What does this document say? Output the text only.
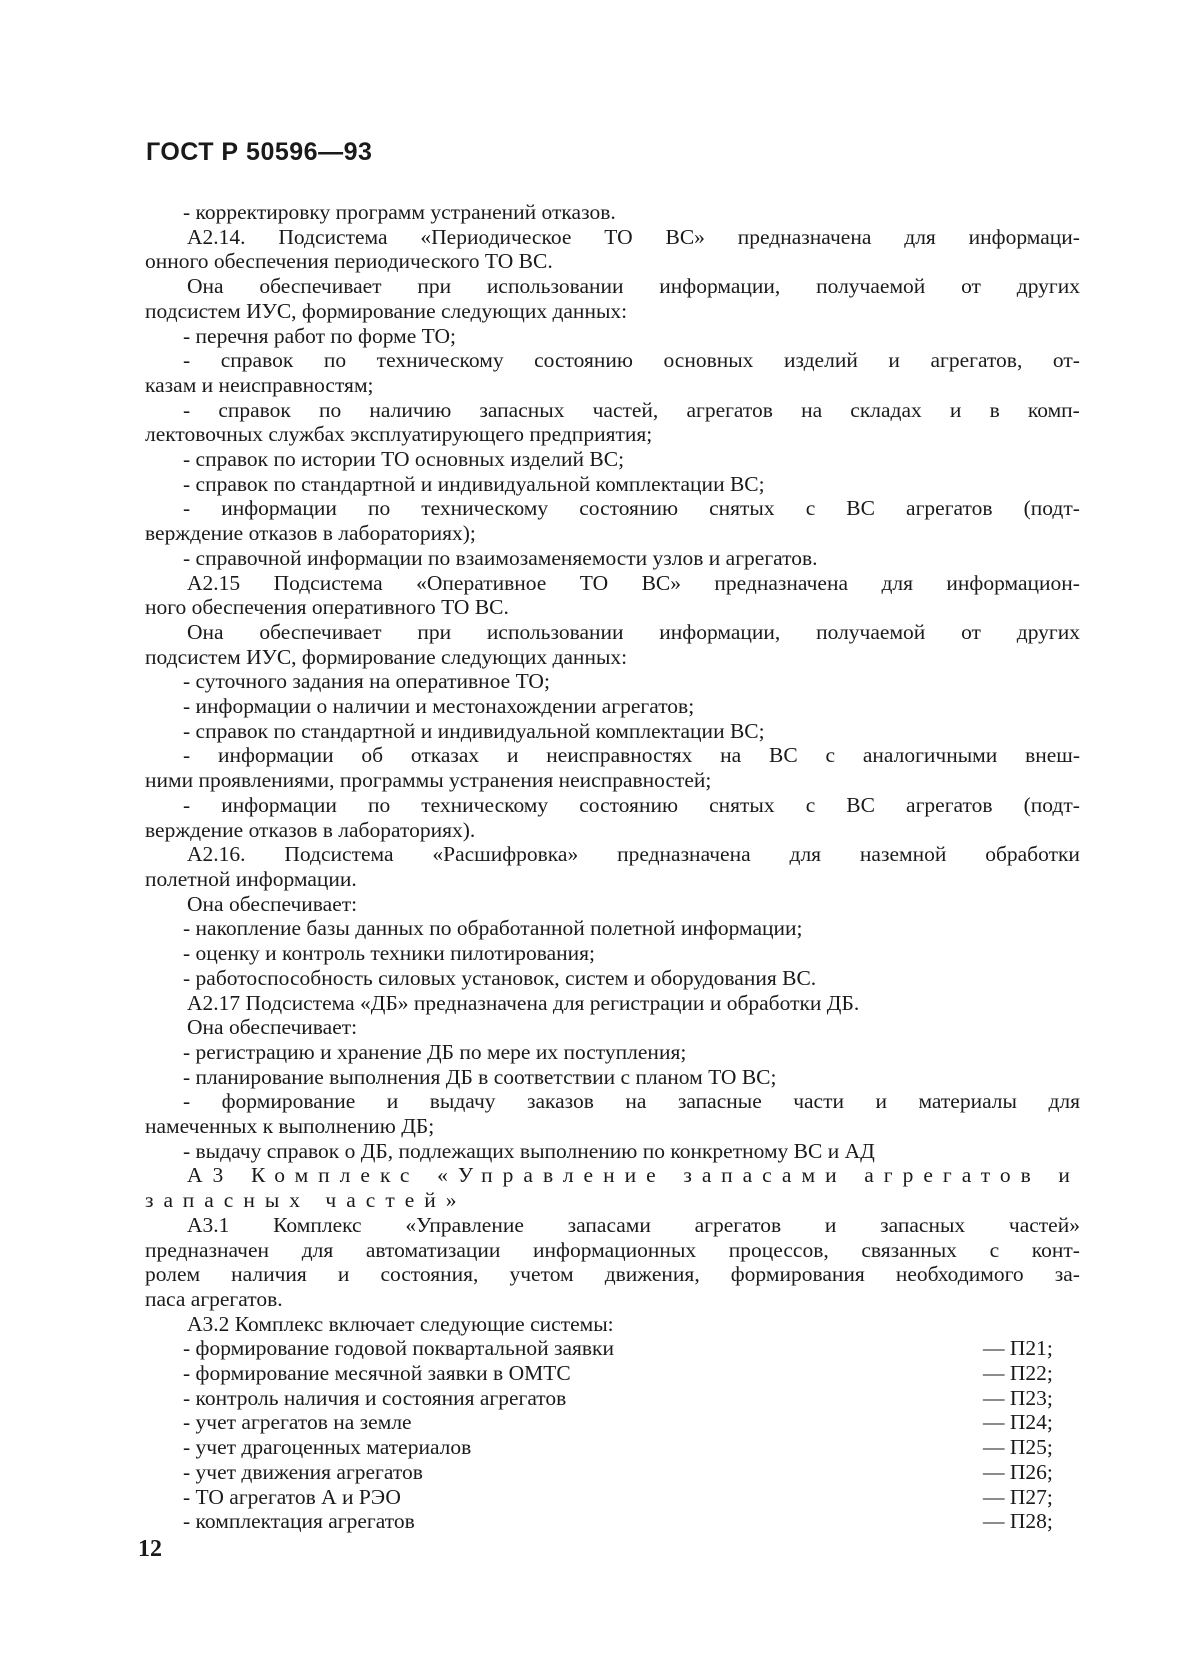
ГОСТ Р 50596—93
- корректировку программ устранений отказов.
А2.14. Подсистема «Периодическое ТО ВС» предназначена для информаци-
онного обеспечения периодического ТО ВС.
Она обеспечивает при использовании информации, получаемой от других
подсистем ИУС, формирование следующих данных:
- перечня работ по форме ТО;
- справок по техническому состоянию основных изделий и агрегатов, от-
казам и неисправностям;
- справок по наличию запасных частей, агрегатов на складах и в комп-
лектовочных службах эксплуатирующего предприятия;
- справок по истории ТО основных изделий ВС;
- справок по стандартной и индивидуальной комплектации ВС;
- информации по техническому состоянию снятых с ВС агрегатов (подт-
верждение отказов в лабораториях);
- справочной информации по взаимозаменяемости узлов и агрегатов.
А2.15 Подсистема «Оперативное ТО ВС» предназначена для информацион-
ного обеспечения оперативного ТО ВС.
Она обеспечивает при использовании информации, получаемой от других
подсистем ИУС, формирование следующих данных:
- суточного задания на оперативное ТО;
- информации о наличии и местонахождении агрегатов;
- справок по стандартной и индивидуальной комплектации ВС;
- информации об отказах и неисправностях на ВС с аналогичными внеш-
ними проявлениями, программы устранения неисправностей;
- информации по техническому состоянию снятых с ВС агрегатов (подт-
верждение отказов в лабораториях).
А2.16. Подсистема «Расшифровка» предназначена для наземной обработки
полетной информации.
Она обеспечивает:
- накопление базы данных по обработанной полетной информации;
- оценку и контроль техники пилотирования;
- работоспособность силовых установок, систем и оборудования ВС.
А2.17 Подсистема «ДБ» предназначена для регистрации и обработки ДБ.
Она обеспечивает:
- регистрацию и хранение ДБ по мере их поступления;
- планирование выполнения ДБ в соответствии с планом ТО ВС;
- формирование и выдачу заказов на запасные части и материалы для
намеченных к выполнению ДБ;
- выдачу справок о ДБ, подлежащих выполнению по конкретному ВС и АД
А3 Комплекс «Управление запасами агрегатов и
запасных частей»
А3.1 Комплекс «Управление запасами агрегатов и запасных частей»
предназначен для автоматизации информационных процессов, связанных с конт-
ролем наличия и состояния, учетом движения, формирования необходимого за-
паса агрегатов.
А3.2 Комплекс включает следующие системы:
- формирование годовой поквартальной заявки	— П21;
- формирование месячной заявки в ОМТС	— П22;
- контроль наличия и состояния агрегатов	— П23;
- учет агрегатов на земле	— П24;
- учет драгоценных материалов	— П25;
- учет движения агрегатов	— П26;
- ТО агрегатов А и РЭО	— П27;
- комплектация агрегатов	— П28;
12
